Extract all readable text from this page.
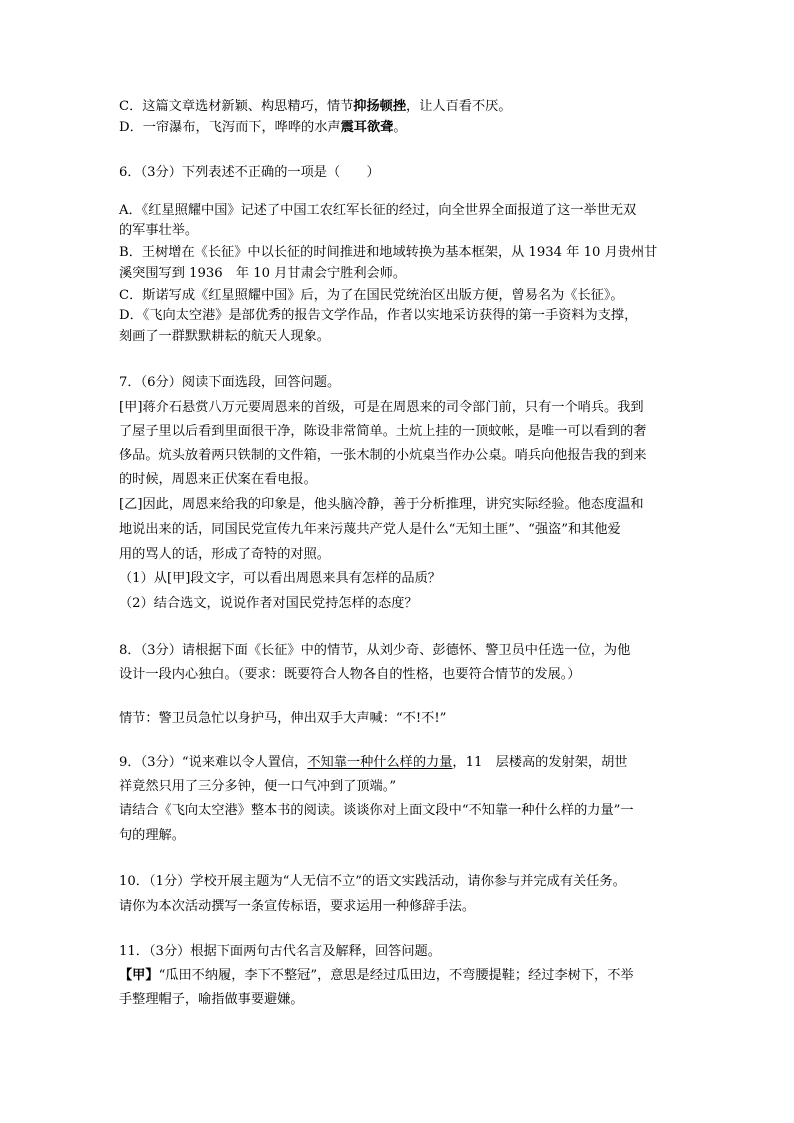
C．这篇文章选材新颖、构思精巧，情节抑扬顿挫，让人百看不厌。
D．一帘瀑布，飞泻而下，哗哗的水声震耳欲聋。
6．（3分）下列表述不正确的一项是（　　）
A．《红星照耀中国》记述了中国工农红军长征的经过，向全世界全面报道了这一举世无双
的军事壮举。
B．王树增在《长征》中以长征的时间推进和地域转换为基本框架，从 1934 年 10 月贵州甘
溪突围写到 1936　年 10 月甘肃会宁胜利会师。
C．斯诺写成《红星照耀中国》后，为了在国民党统治区出版方便，曾易名为《长征》。
D．《飞向太空港》是部优秀的报告文学作品，作者以实地采访获得的第一手资料为支撑，
刻画了一群默默耕耘的航天人现象。
7．（6分）阅读下面选段，回答问题。
[甲]蒋介石悬赏八万元要周恩来的首级，可是在周恩来的司令部门前，只有一个哨兵。我到
了屋子里以后看到里面很干净，陈设非常简单。土炕上挂的一顶蚊帐，是唯一可以看到的奢
侈品。炕头放着两只铁制的文件箱，一张木制的小炕桌当作办公桌。哨兵向他报告我的到来
的时候，周恩来正伏案在看电报。
[乙]因此，周恩来给我的印象是，他头脑冷静，善于分析推理，讲究实际经验。他态度温和
地说出来的话，同国民党宣传九年来污蔑共产党人是什么“无知土匪”、“强盗”和其他爱
用的骂人的话，形成了奇特的对照。
（1）从[甲]段文字，可以看出周恩来具有怎样的品质？
（2）结合选文，说说作者对国民党持怎样的态度？
8．（3分）请根据下面《长征》中的情节，从刘少奇、彭德怀、警卫员中任选一位，为他
设计一段内心独白。（要求：既要符合人物各自的性格，也要符合情节的发展。）
情节：警卫员急忙以身护马，伸出双手大声喊：“不!不!”
9．（3分）“说来难以令人置信，不知靠一种什么样的力量，11　层楼高的发射架，胡世
祥竟然只用了三分多钟，便一口气冲到了顶端。”
请结合《飞向太空港》整本书的阅读。谈谈你对上面文段中“不知靠一种什么样的力量”一
句的理解。
10．（1分）学校开展主题为“人无信不立”的语文实践活动，请你参与并完成有关任务。
请你为本次活动撰写一条宣传标语，要求运用一种修辞手法。
11．（3分）根据下面两句古代名言及解释，回答问题。
【甲】“瓜田不纳履，李下不整冠”，意思是经过瓜田边，不弯腰提鞋；经过李树下，不举
手整理帽子，喻指做事要避嫌。
